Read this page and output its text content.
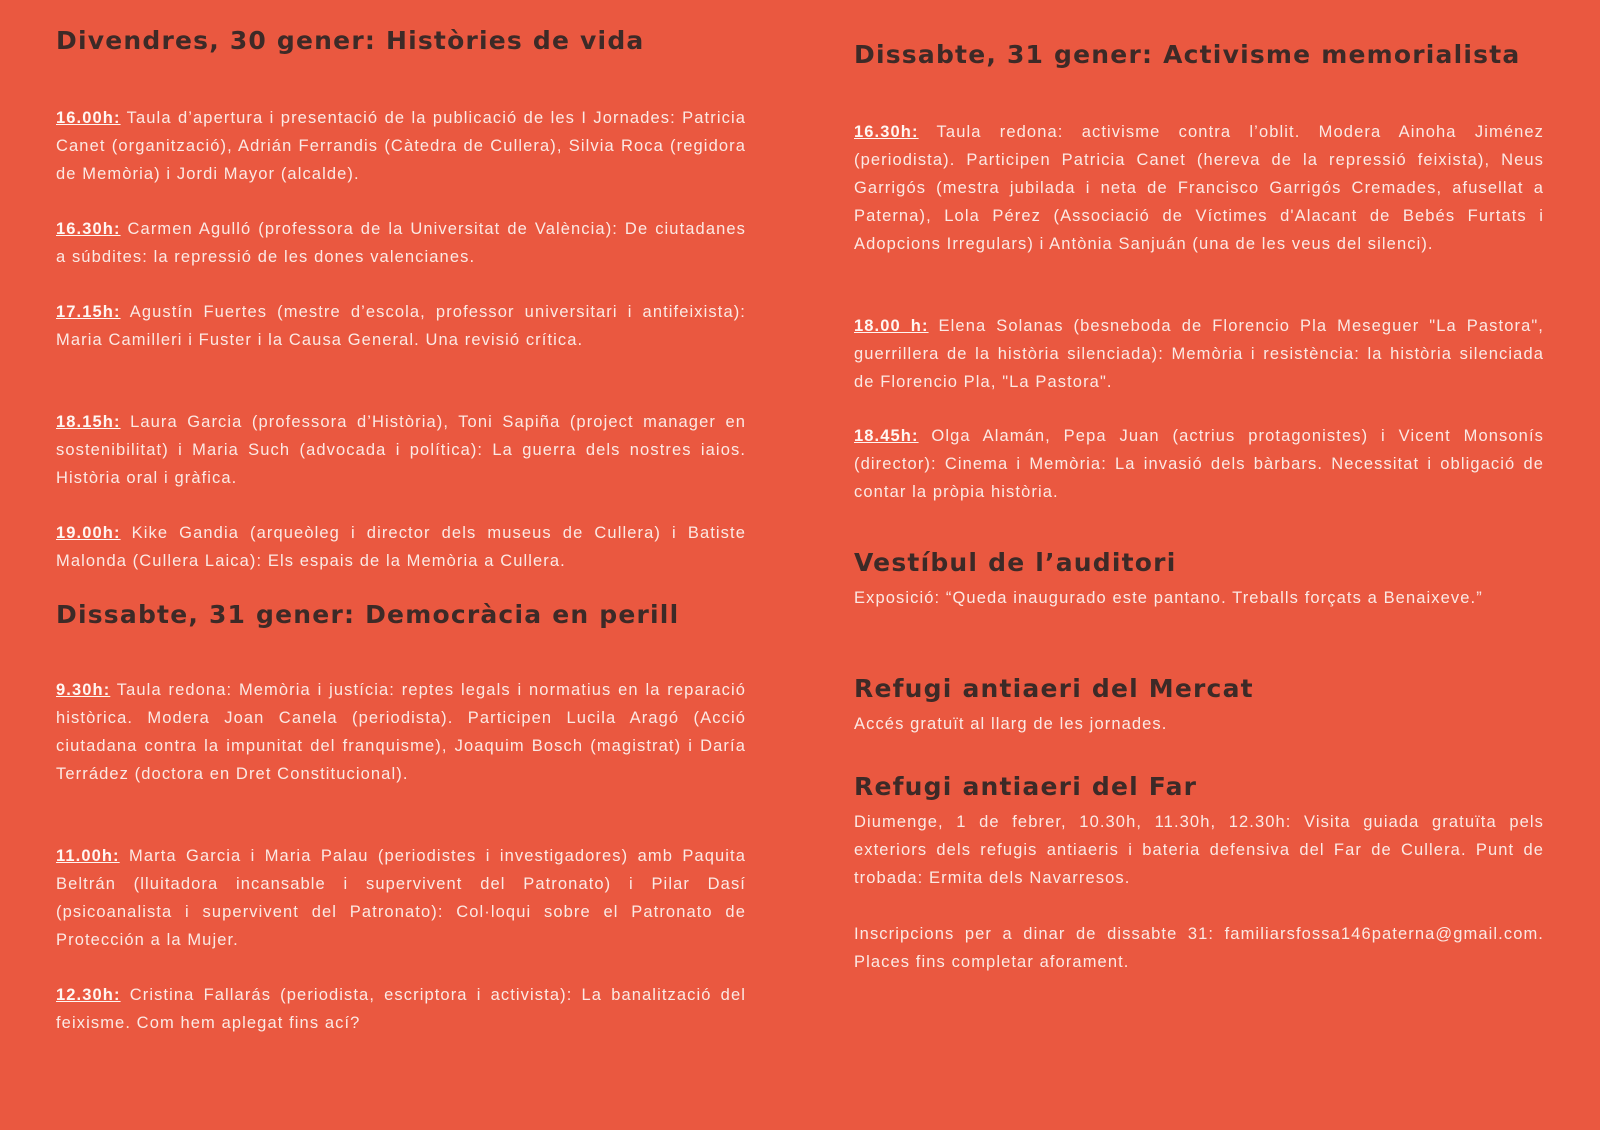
Divendres, 30 gener: Històries de vida

16.00h: Taula d’apertura i presentació de la publicació de les I Jornades: Patricia Canet (organització), Adrián Ferrandis (Càtedra de Cullera), Silvia Roca (regidora de Memòria) i Jordi Mayor (alcalde).

16.30h: Carmen Agulló (professora de la Universitat de València): De ciutadanes a súbdites: la repressió de les dones valencianes.

17.15h: Agustín Fuertes (mestre d’escola, professor universitari i antifeixista): Maria Camilleri i Fuster i la Causa General. Una revisió crítica.

18.15h: Laura Garcia (professora d’Història), Toni Sapiña (project manager en sostenibilitat) i Maria Such (advocada i política): La guerra dels nostres iaios. Història oral i gràfica.

19.00h: Kike Gandia (arqueòleg i director dels museus de Cullera) i Batiste Malonda (Cullera Laica): Els espais de la Memòria a Cullera.

Dissabte, 31 gener: Democràcia en perill

9.30h: Taula redona: Memòria i justícia: reptes legals i normatius en la reparació històrica. Modera Joan Canela (periodista). Participen Lucila Aragó (Acció ciutadana contra la impunitat del franquisme), Joaquim Bosch (magistrat) i Daría Terrádez (doctora en Dret Constitucional).

11.00h: Marta Garcia i Maria Palau (periodistes i investigadores) amb Paquita Beltrán (lluitadora incansable i supervivent del Patronato) i Pilar Dasí (psicoanalista i supervivent del Patronato): Col·loqui sobre el Patronato de Protección a la Mujer.

12.30h: Cristina Fallarás (periodista, escriptora i activista): La banalització del feixisme. Com hem aplegat fins ací?

Dissabte, 31 gener: Activisme memorialista

16.30h: Taula redona: activisme contra l’oblit. Modera Ainoha Jiménez (periodista). Participen Patricia Canet (hereva de la repressió feixista), Neus Garrigós (mestra jubilada i neta de Francisco Garrigós Cremades, afusellat a Paterna), Lola Pérez (Associació de Víctimes d'Alacant de Bebés Furtats i Adopcions Irregulars) i Antònia Sanjuán (una de les veus del silenci).

18.00 h: Elena Solanas (besneboda de Florencio Pla Meseguer "La Pastora", guerrillera de la història silenciada): Memòria i resistència: la història silenciada de Florencio Pla, "La Pastora".

18.45h: Olga Alamán, Pepa Juan (actrius protagonistes) i Vicent Monsonís (director): Cinema i Memòria: La invasió dels bàrbars. Necessitat i obligació de contar la pròpia història.

Vestíbul de l’auditori

Exposició: “Queda inaugurado este pantano. Treballs forçats a Benaixeve.”

Refugi antiaeri del Mercat

Accés gratuït al llarg de les jornades.

Refugi antiaeri del Far

Diumenge, 1 de febrer, 10.30h, 11.30h, 12.30h: Visita guiada gratuïta pels exteriors dels refugis antiaeris i bateria defensiva del Far de Cullera. Punt de trobada: Ermita dels Navarresos.

Inscripcions per a dinar de dissabte 31: familiarsfossa146paterna@gmail.com. Places fins completar aforament.
